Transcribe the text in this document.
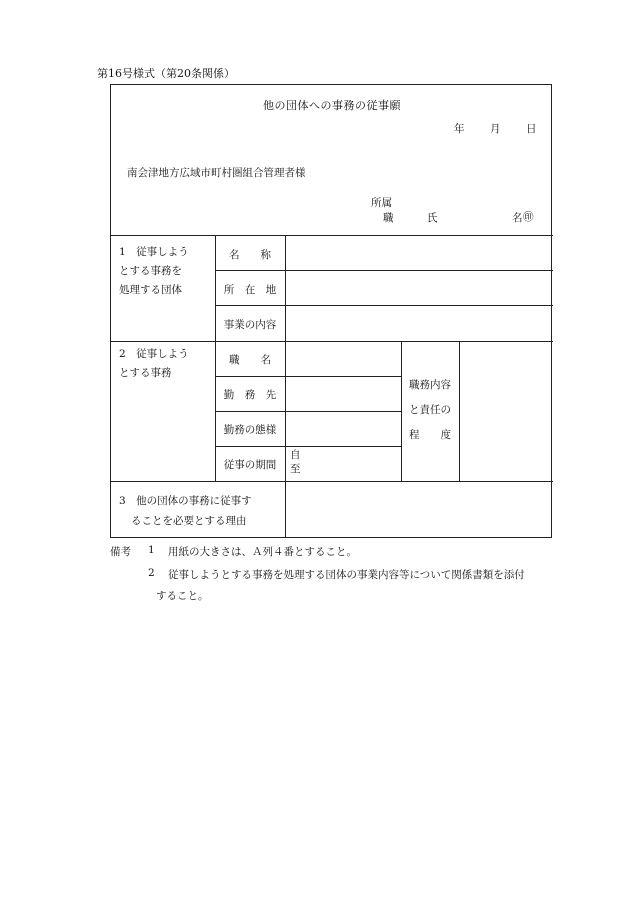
第16号様式（第20条関係）
他の団体への事務の従事願
年 月 日
南会津地方広域市町村圏組合管理者様
所属
職	氏	名 ㊞
1　従事しよう
とする事務を
処理する団体
名　　称
所　在　地
事業の内容
2　従事しよう
とする事務
職　　名
勤　務　先
勤務の態様
従事の期間
自
至
職務内容
と責任の
程　　度
3　他の団体の事務に従事す
ることを必要とする理由
備考 1 用紙の大きさは、Ａ列４番とすること。
2 従事しようとする事務を処理する団体の事業内容等について関係書類を添付
すること。
